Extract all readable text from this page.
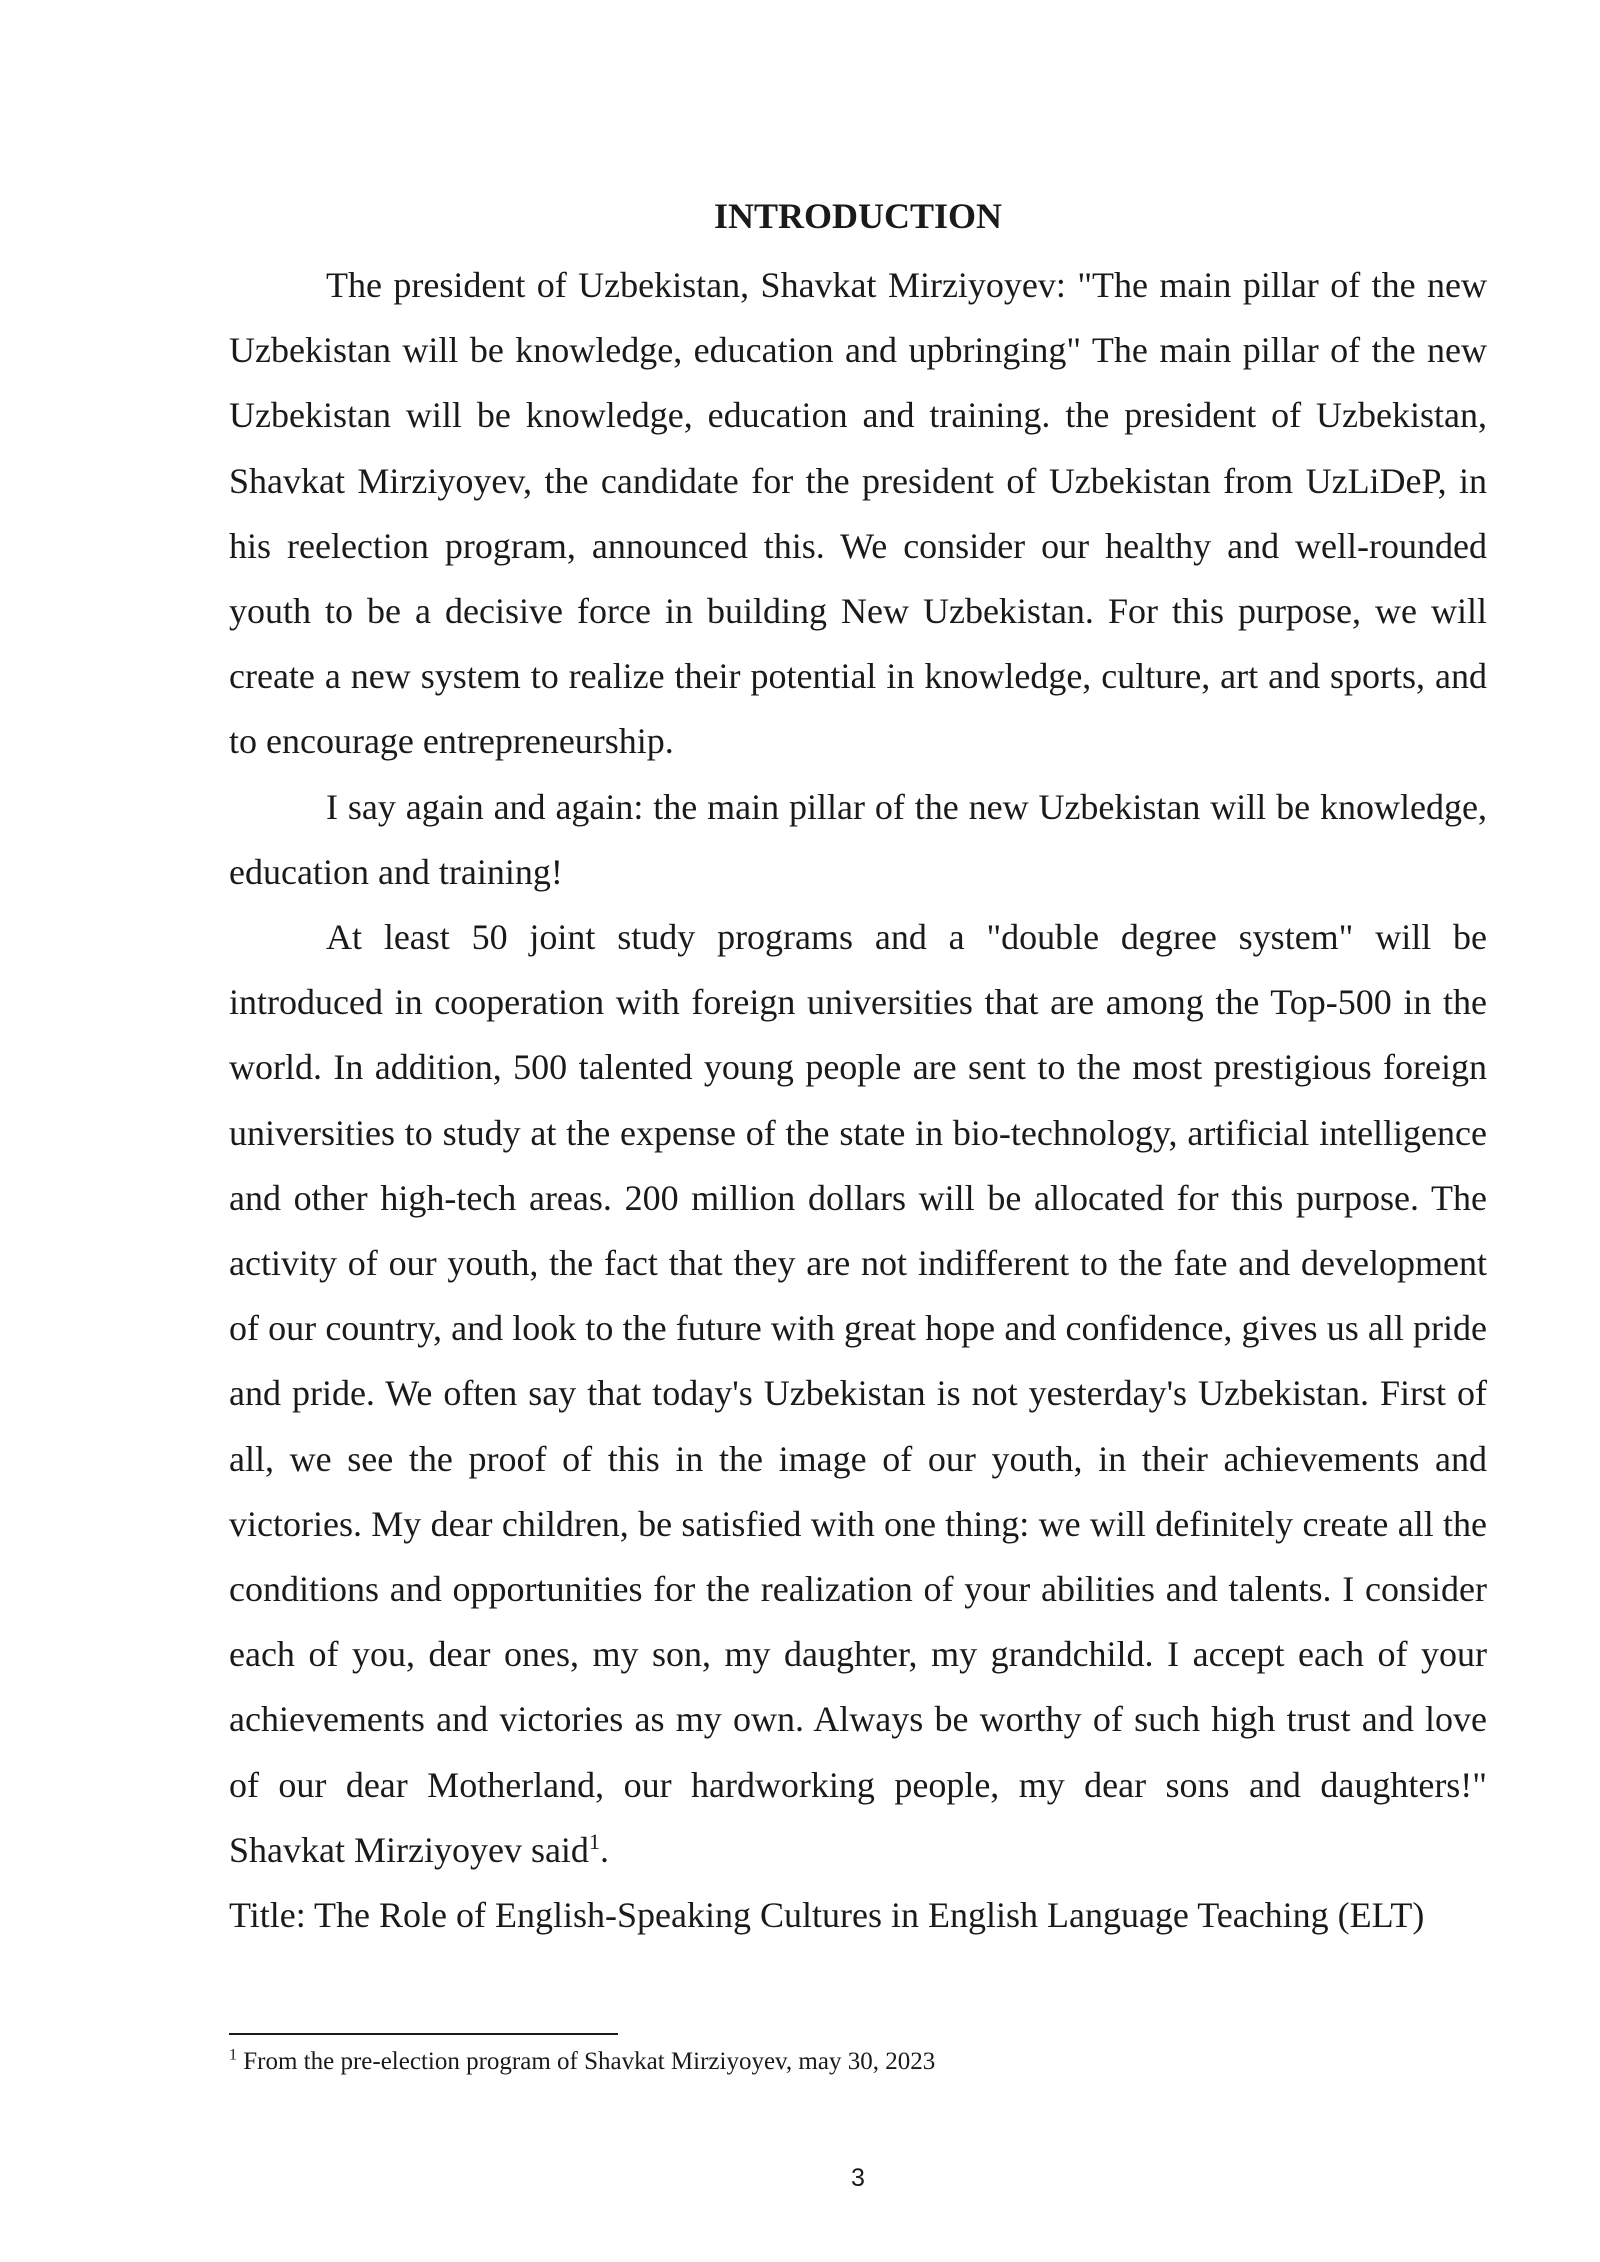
INTRODUCTION

The president of Uzbekistan, Shavkat Mirziyoyev: "The main pillar of the new Uzbekistan will be knowledge, education and upbringing" The main pillar of the new Uzbekistan will be knowledge, education and training. the president of Uzbekistan, Shavkat Mirziyoyev, the candidate for the president of Uzbekistan from UzLiDeP, in his reelection program, announced this. We consider our healthy and well-rounded youth to be a decisive force in building New Uzbekistan. For this purpose, we will create a new system to realize their potential in knowledge, culture, art and sports, and to encourage entrepreneurship.

I say again and again: the main pillar of the new Uzbekistan will be knowledge, education and training!

At least 50 joint study programs and a "double degree system" will be introduced in cooperation with foreign universities that are among the Top-500 in the world. In addition, 500 talented young people are sent to the most prestigious foreign universities to study at the expense of the state in bio-technology, artificial intelligence and other high-tech areas. 200 million dollars will be allocated for this purpose. The activity of our youth, the fact that they are not indifferent to the fate and development of our country, and look to the future with great hope and confidence, gives us all pride and pride. We often say that today's Uzbekistan is not yesterday's Uzbekistan. First of all, we see the proof of this in the image of our youth, in their achievements and victories. My dear children, be satisfied with one thing: we will definitely create all the conditions and opportunities for the realization of your abilities and talents. I consider each of you, dear ones, my son, my daughter, my grandchild. I accept each of your achievements and victories as my own. Always be worthy of such high trust and love of our dear Motherland, our hardworking people, my dear sons and daughters!" Shavkat Mirziyoyev said$^1$.

Title: The Role of English-Speaking Cultures in English Language Teaching (ELT)

$^1$ From the pre-election program of Shavkat Mirziyoyev, may 30, 2023
3
